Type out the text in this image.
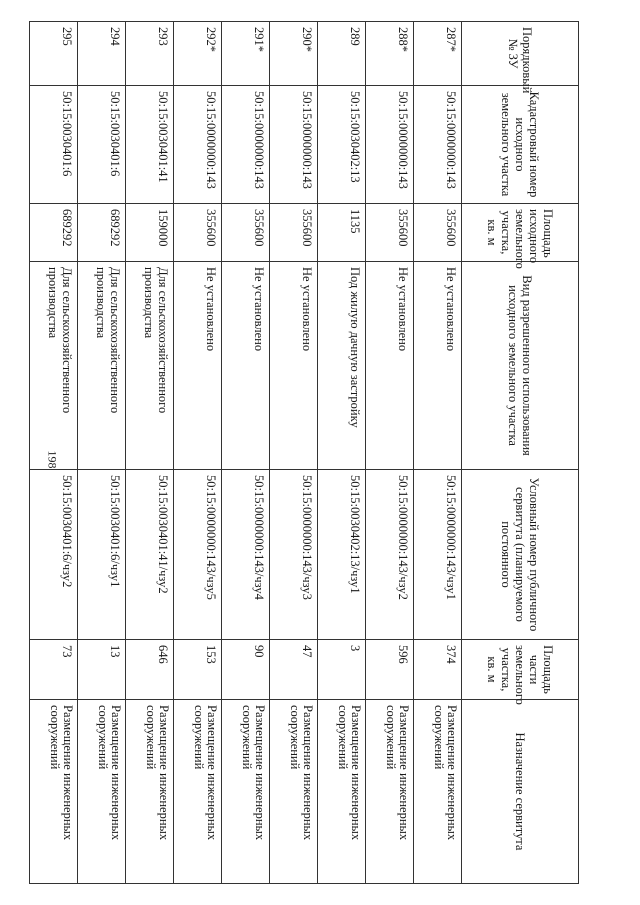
198
Порядковый № ЗУ	Кадастровый номер исходного земельного участка	Площадь исходного земельного участка, кв. м	Вид разрешенного использования исходного земельного участка	Условный номер публичного сервитута (планируемого постоянного	Площадь части земельного участка, кв. м	Назначение сервитута
287*	50:15:0000000:143	355600	Не установлено	50:15:0000000:143/чзу1	374	Размещение инженерных сооружений
288*	50:15:0000000:143	355600	Не установлено	50:15:0000000:143/чзу2	596	Размещение инженерных сооружений
289	50:15:0030402:13	1135	Под жилую дачную застройку	50:15:0030402:13/чзу1	3	Размещение инженерных сооружений
290*	50:15:0000000:143	355600	Не установлено	50:15:0000000:143/чзу3	47	Размещение инженерных сооружений
291*	50:15:0000000:143	355600	Не установлено	50:15:0000000:143/чзу4	90	Размещение инженерных сооружений
292*	50:15:0000000:143	355600	Не установлено	50:15:0000000:143/чзу5	153	Размещение инженерных сооружений
293	50:15:0030401:41	159000	Для сельскохозяйственного производства	50:15:0030401:41/чзу2	646	Размещение инженерных сооружений
294	50:15:0030401:6	689292	Для сельскохозяйственного производства	50:15:0030401:6/чзу1	13	Размещение инженерных сооружений
295	50:15:0030401:6	689292	Для сельскохозяйственного производства	50:15:0030401:6/чзу2	73	Размещение инженерных сооружений
